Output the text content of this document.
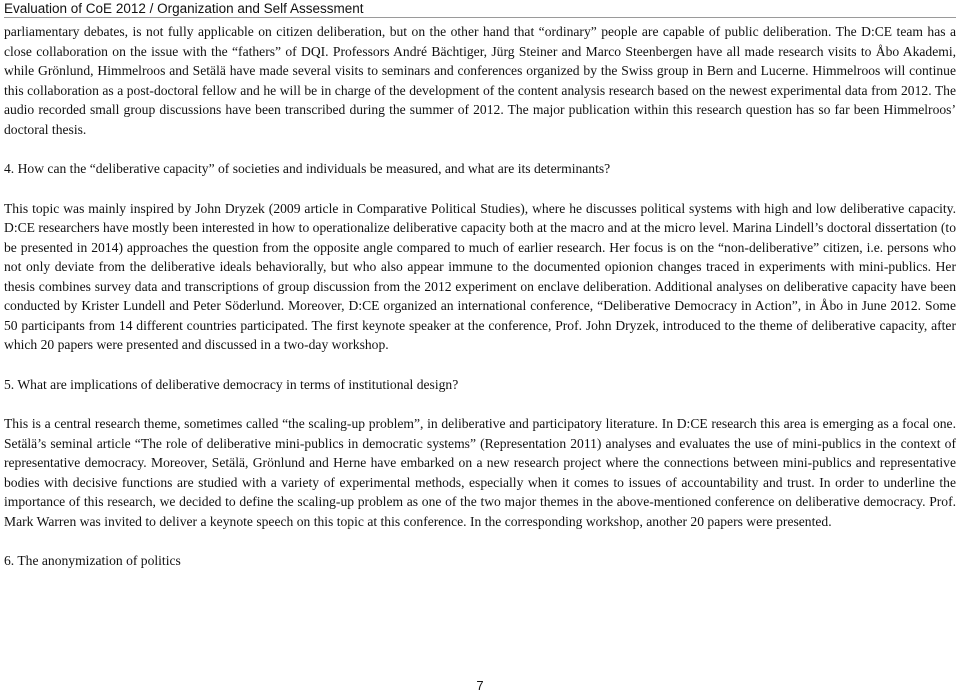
Evaluation of CoE 2012 / Organization and Self Assessment

parliamentary debates, is not fully applicable on citizen deliberation, but on the other hand that “ordinary” people are capable of public deliberation. The D:CE team has a close collaboration on the issue with the “fathers” of DQI. Professors André Bächtiger, Jürg Steiner and Marco Steenbergen have all made research visits to Åbo Akademi, while Grönlund, Himmelroos and Setälä have made several visits to seminars and conferences organized by the Swiss group in Bern and Lucerne. Himmelroos will continue this collaboration as a post-doctoral fellow and he will be in charge of the development of the content analysis research based on the newest experimental data from 2012. The audio recorded small group discussions have been transcribed during the summer of 2012. The major publication within this research question has so far been Himmelroos’ doctoral thesis.

4. How can the “deliberative capacity” of societies and individuals be measured, and what are its determinants?

This topic was mainly inspired by John Dryzek (2009 article in Comparative Political Studies), where he discusses political systems with high and low deliberative capacity. D:CE researchers have mostly been interested in how to operationalize deliberative capacity both at the macro and at the micro level. Marina Lindell’s doctoral dissertation (to be presented in 2014) approaches the question from the opposite angle compared to much of earlier research. Her focus is on the “non-deliberative” citizen, i.e. persons who not only deviate from the deliberative ideals behaviorally, but who also appear immune to the documented opionion changes traced in experiments with mini-publics. Her thesis combines survey data and transcriptions of group discussion from the 2012 experiment on enclave deliberation. Additional analyses on deliberative capacity have been conducted by Krister Lundell and Peter Söderlund. Moreover, D:CE organized an international conference, “Deliberative Democracy in Action”, in Åbo in June 2012. Some 50 participants from 14 different countries participated. The first keynote speaker at the conference, Prof. John Dryzek, introduced to the theme of deliberative capacity, after which 20 papers were presented and discussed in a two-day workshop.

5. What are implications of deliberative democracy in terms of institutional design?

This is a central research theme, sometimes called “the scaling-up problem”, in deliberative and participatory literature. In D:CE research this area is emerging as a focal one. Setälä’s seminal article “The role of deliberative mini-publics in democratic systems” (Representation 2011) analyses and evaluates the use of mini-publics in the context of representative democracy. Moreover, Setälä, Grönlund and Herne have embarked on a new research project where the connections between mini-publics and representative bodies with decisive functions are studied with a variety of experimental methods, especially when it comes to issues of accountability and trust. In order to underline the importance of this research, we decided to define the scaling-up problem as one of the two major themes in the above-mentioned conference on deliberative democracy. Prof. Mark Warren was invited to deliver a keynote speech on this topic at this conference. In the corresponding workshop, another 20 papers were presented.

6. The anonymization of politics

7
